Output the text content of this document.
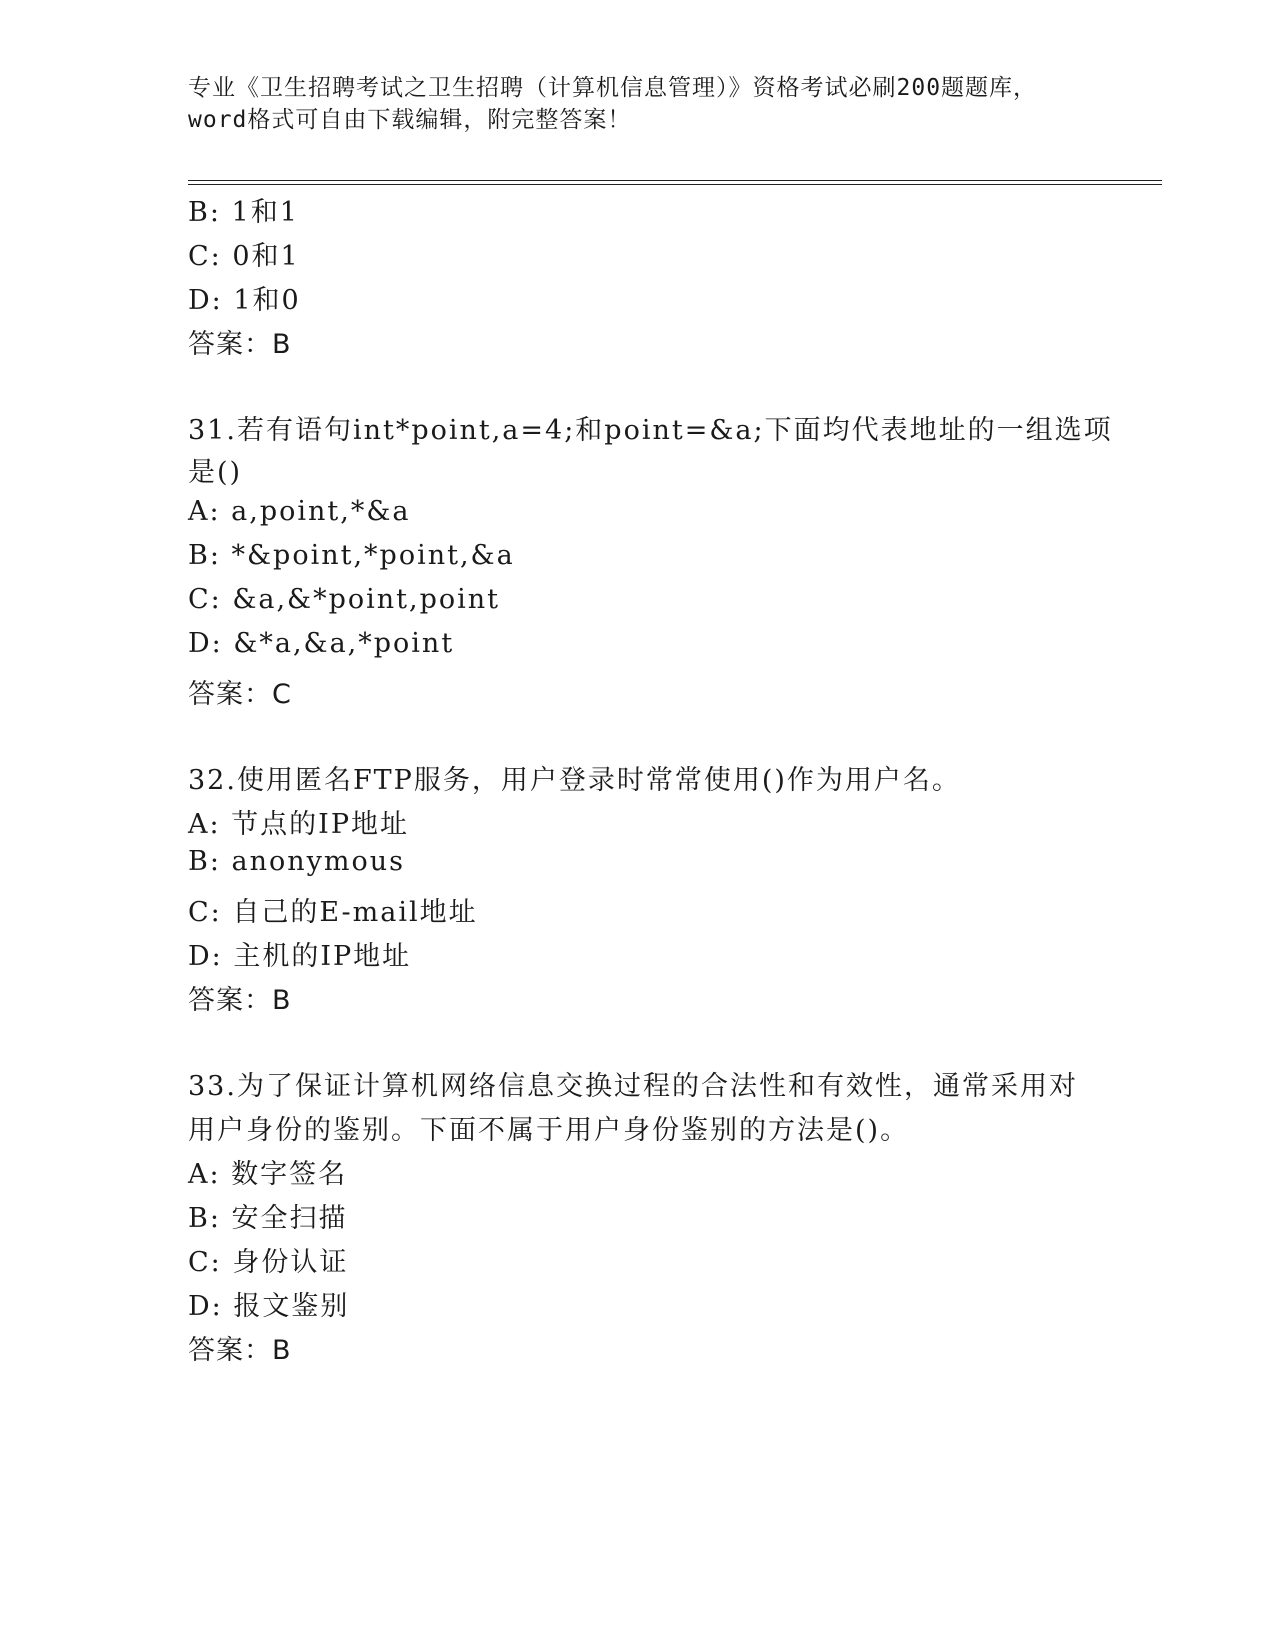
专业《卫生招聘考试之卫生招聘（计算机信息管理）》资格考试必刷200题题库，
word格式可自由下载编辑，附完整答案！
B: 1和1
C: 0和1
D: 1和0
答案：B
31.若有语句int*point,a=4;和point=&a;下面均代表地址的一组选项
是()
A: a,point,*&a
B: *&point,*point,&a
C: &a,&*point,point
D: &*a,&a,*point
答案：C
32.使用匿名FTP服务，用户登录时常常使用()作为用户名。
A: 节点的IP地址
B: anonymous
C: 自己的E-mail地址
D: 主机的IP地址
答案：B
33.为了保证计算机网络信息交换过程的合法性和有效性，通常采用对
用户身份的鉴别。下面不属于用户身份鉴别的方法是()。
A: 数字签名
B: 安全扫描
C: 身份认证
D: 报文鉴别
答案：B
